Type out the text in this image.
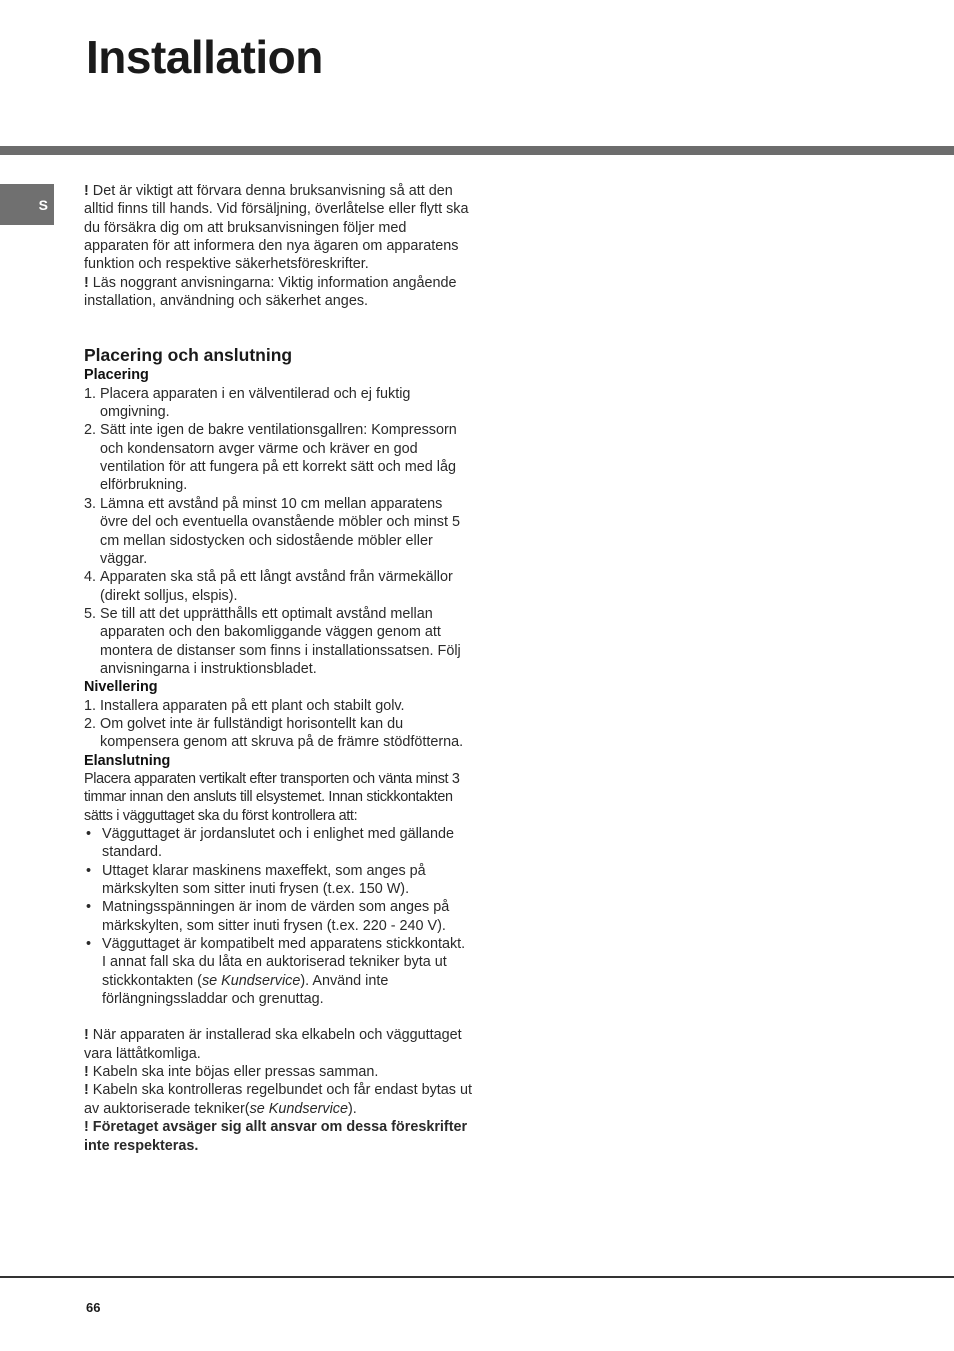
Installation
S

! Det är viktigt att förvara denna bruksanvisning så att den alltid finns till hands. Vid försäljning, överlåtelse eller flytt ska du försäkra dig om att bruksanvisningen följer med apparaten för att informera den nya ägaren om apparatens funktion och respektive säkerhetsföreskrifter.

! Läs noggrant anvisningarna: Viktig information angående installation, användning och säkerhet anges.

Placering och anslutning

Placering

1. Placera apparaten i en välventilerad och ej fuktig omgivning.
2. Sätt inte igen de bakre ventilationsgallren: Kompressorn och kondensatorn avger värme och kräver en god ventilation för att fungera på ett korrekt sätt och med låg elförbrukning.
3. Lämna ett avstånd på minst 10 cm mellan apparatens övre del och eventuella ovanstående möbler och minst 5 cm mellan sidostycken och sidostående möbler eller väggar.
4. Apparaten ska stå på ett långt avstånd från värmekällor (direkt solljus, elspis).
5. Se till att det upprätthålls ett optimalt avstånd mellan apparaten och den bakomliggande väggen genom att montera de distanser som finns i installationssatsen. Följ anvisningarna i instruktionsbladet.

Nivellering

1. Installera apparaten på ett plant och stabilt golv.
2. Om golvet inte är fullständigt horisontellt kan du kompensera genom att skruva på de främre stödfötterna.

Elanslutning

Placera apparaten vertikalt efter transporten och vänta minst 3 timmar innan den ansluts till elsystemet. Innan stickkontakten sätts i vägguttaget ska du först kontrollera att:

• Vägguttaget är jordanslutet och i enlighet med gällande standard.
• Uttaget klarar maskinens maxeffekt, som anges på märkskylten som sitter inuti frysen (t.ex. 150 W).
• Matningsspänningen är inom de värden som anges på märkskylten, som sitter inuti frysen (t.ex. 220 - 240 V).
• Vägguttaget är kompatibelt med apparatens stickkontakt. I annat fall ska du låta en auktoriserad tekniker byta ut stickkontakten (se Kundservice). Använd inte förlängningssladdar och grenuttag.

! När apparaten är installerad ska elkabeln och vägguttaget vara lättåtkomliga.

! Kabeln ska inte böjas eller pressas samman.

! Kabeln ska kontrolleras regelbundet och får endast bytas ut av auktoriserade tekniker(se Kundservice).

! Företaget avsäger sig allt ansvar om dessa föreskrifter inte respekteras.

66
